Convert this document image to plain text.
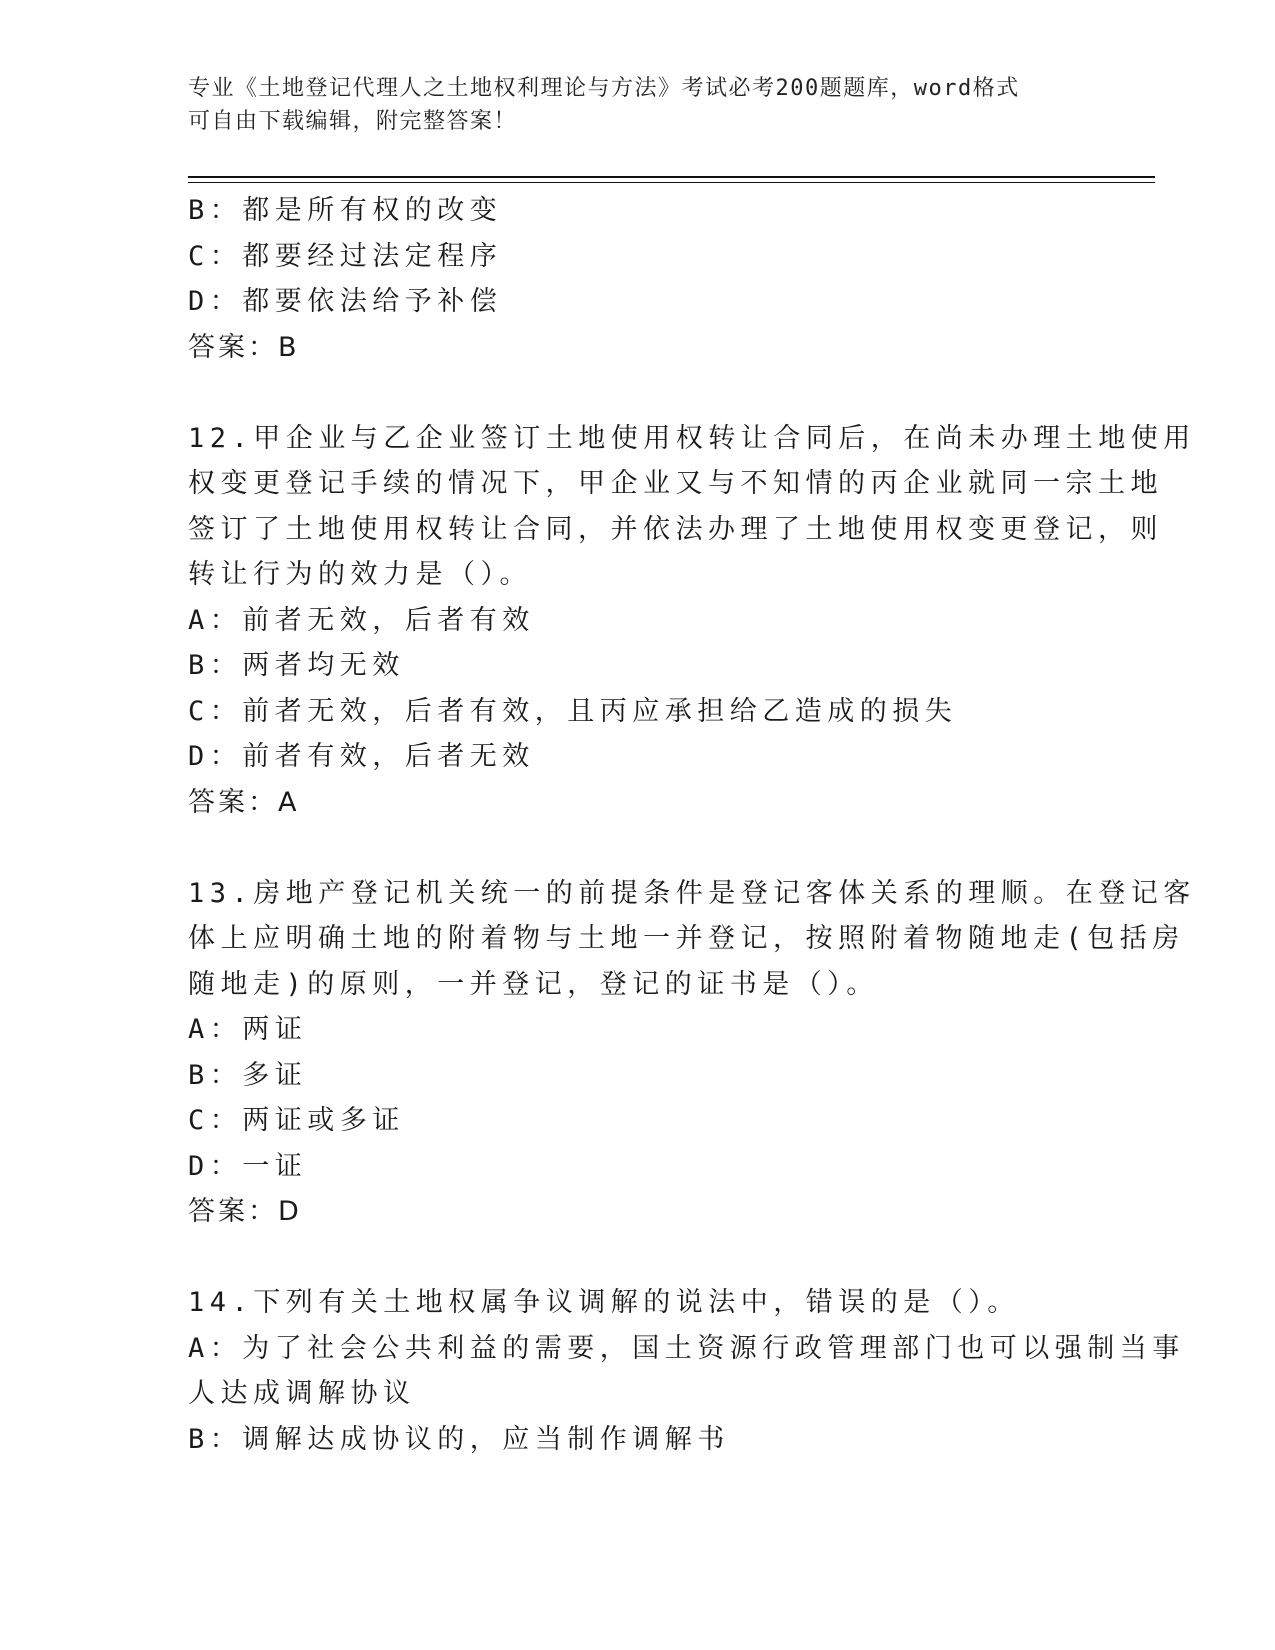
专业《土地登记代理人之土地权利理论与方法》考试必考200题题库，word格式
可自由下载编辑，附完整答案！
B：都是所有权的改变
C：都要经过法定程序
D：都要依法给予补偿
答案：B
12.甲企业与乙企业签订土地使用权转让合同后，在尚未办理土地使用
权变更登记手续的情况下，甲企业又与不知情的丙企业就同一宗土地
签订了土地使用权转让合同，并依法办理了土地使用权变更登记，则
转让行为的效力是（）。
A：前者无效，后者有效
B：两者均无效
C：前者无效，后者有效，且丙应承担给乙造成的损失
D：前者有效，后者无效
答案：A
13.房地产登记机关统一的前提条件是登记客体关系的理顺。在登记客
体上应明确土地的附着物与土地一并登记，按照附着物随地走(包括房
随地走)的原则，一并登记，登记的证书是（）。
A：两证
B：多证
C：两证或多证
D：一证
答案：D
14.下列有关土地权属争议调解的说法中，错误的是（）。
A：为了社会公共利益的需要，国土资源行政管理部门也可以强制当事
人达成调解协议
B：调解达成协议的，应当制作调解书
